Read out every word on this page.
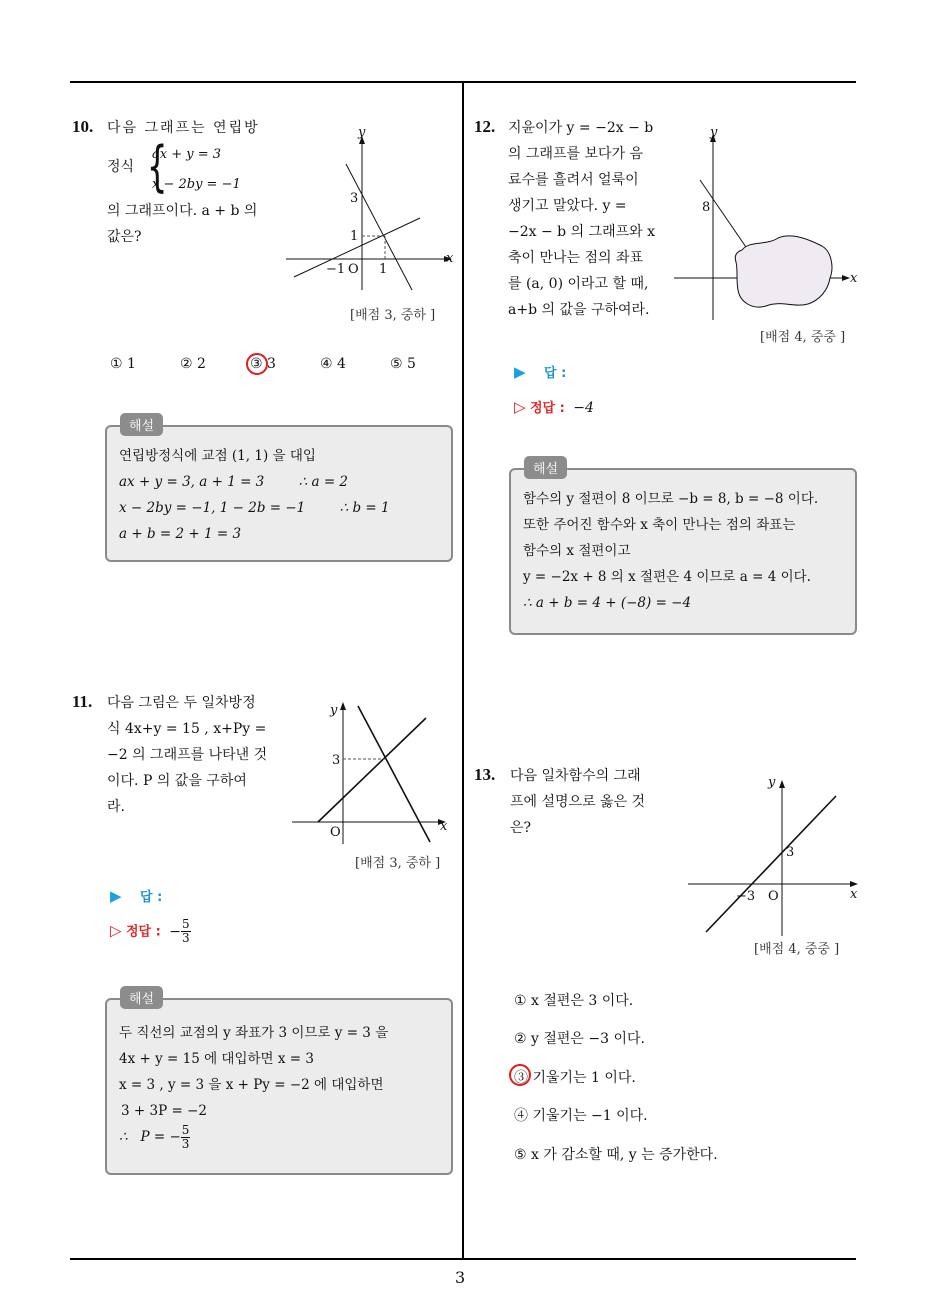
3
10. 다음 그래프는 연립방
정식 {
ax + y = 3
x − 2by = −1
의 그래프이다. a + b 의
값은?
y
x
3
1
−1 O 1
[배점 3, 중하 ]
① 1	② 2	③ 3	④ 4	⑤ 5
연립방정식에 교점 (1, 1) 을 대입
ax + y = 3, a + 1 = 3        ∴ a = 2
x − 2by = −1, 1 − 2b = −1        ∴ b = 1
a + b = 2 + 1 = 3
해설
11. 다음 그림은 두 일차방정
식 4x+y = 15 , x+Py =
−2 의 그래프를 나타낸 것
이다. P 의 값을 구하여
라.
y
x
3
O
[배점 3, 중하 ]
▶ 답 :
▷ 정답 : − $\frac{5}{3}$
두 직선의 교점의 y 좌표가 3 이므로 y = 3 을
4x + y = 15 에 대입하면 x = 3
x = 3 , y = 3 을 x + Py = −2 에 대입하면
3 + 3P = −2
∴   P = − $\frac{5}{3}$
해설
12. 지윤이가 y = −2x − b
의 그래프를 보다가 음
료수를 흘려서 얼룩이
생기고 말았다. y =
−2x − b 의 그래프와 x
축이 만나는 점의 좌표
를 (a, 0) 이라고 할 때,
a+b 의 값을 구하여라.
y
x
8
[배점 4, 중중 ]
▶ 답 :
▷ 정답 : −4
함수의 y 절편이 8 이므로 −b = 8, b = −8 이다.
또한 주어진 함수와 x 축이 만나는 점의 좌표는
함수의 x 절편이고
y = −2x + 8 의 x 절편은 4 이므로 a = 4 이다.
∴ a + b = 4 + (−8) = −4
해설
13. 다음 일차함수의 그래
프에 설명으로 옳은 것
은?
y
x
3
−3 O
[배점 4, 중중 ]
① x 절편은 3 이다.
② y 절편은 −3 이다.
③ 기울기는 1 이다.
④ 기울기는 −1 이다.
⑤ x 가 감소할 때, y 는 증가한다.
